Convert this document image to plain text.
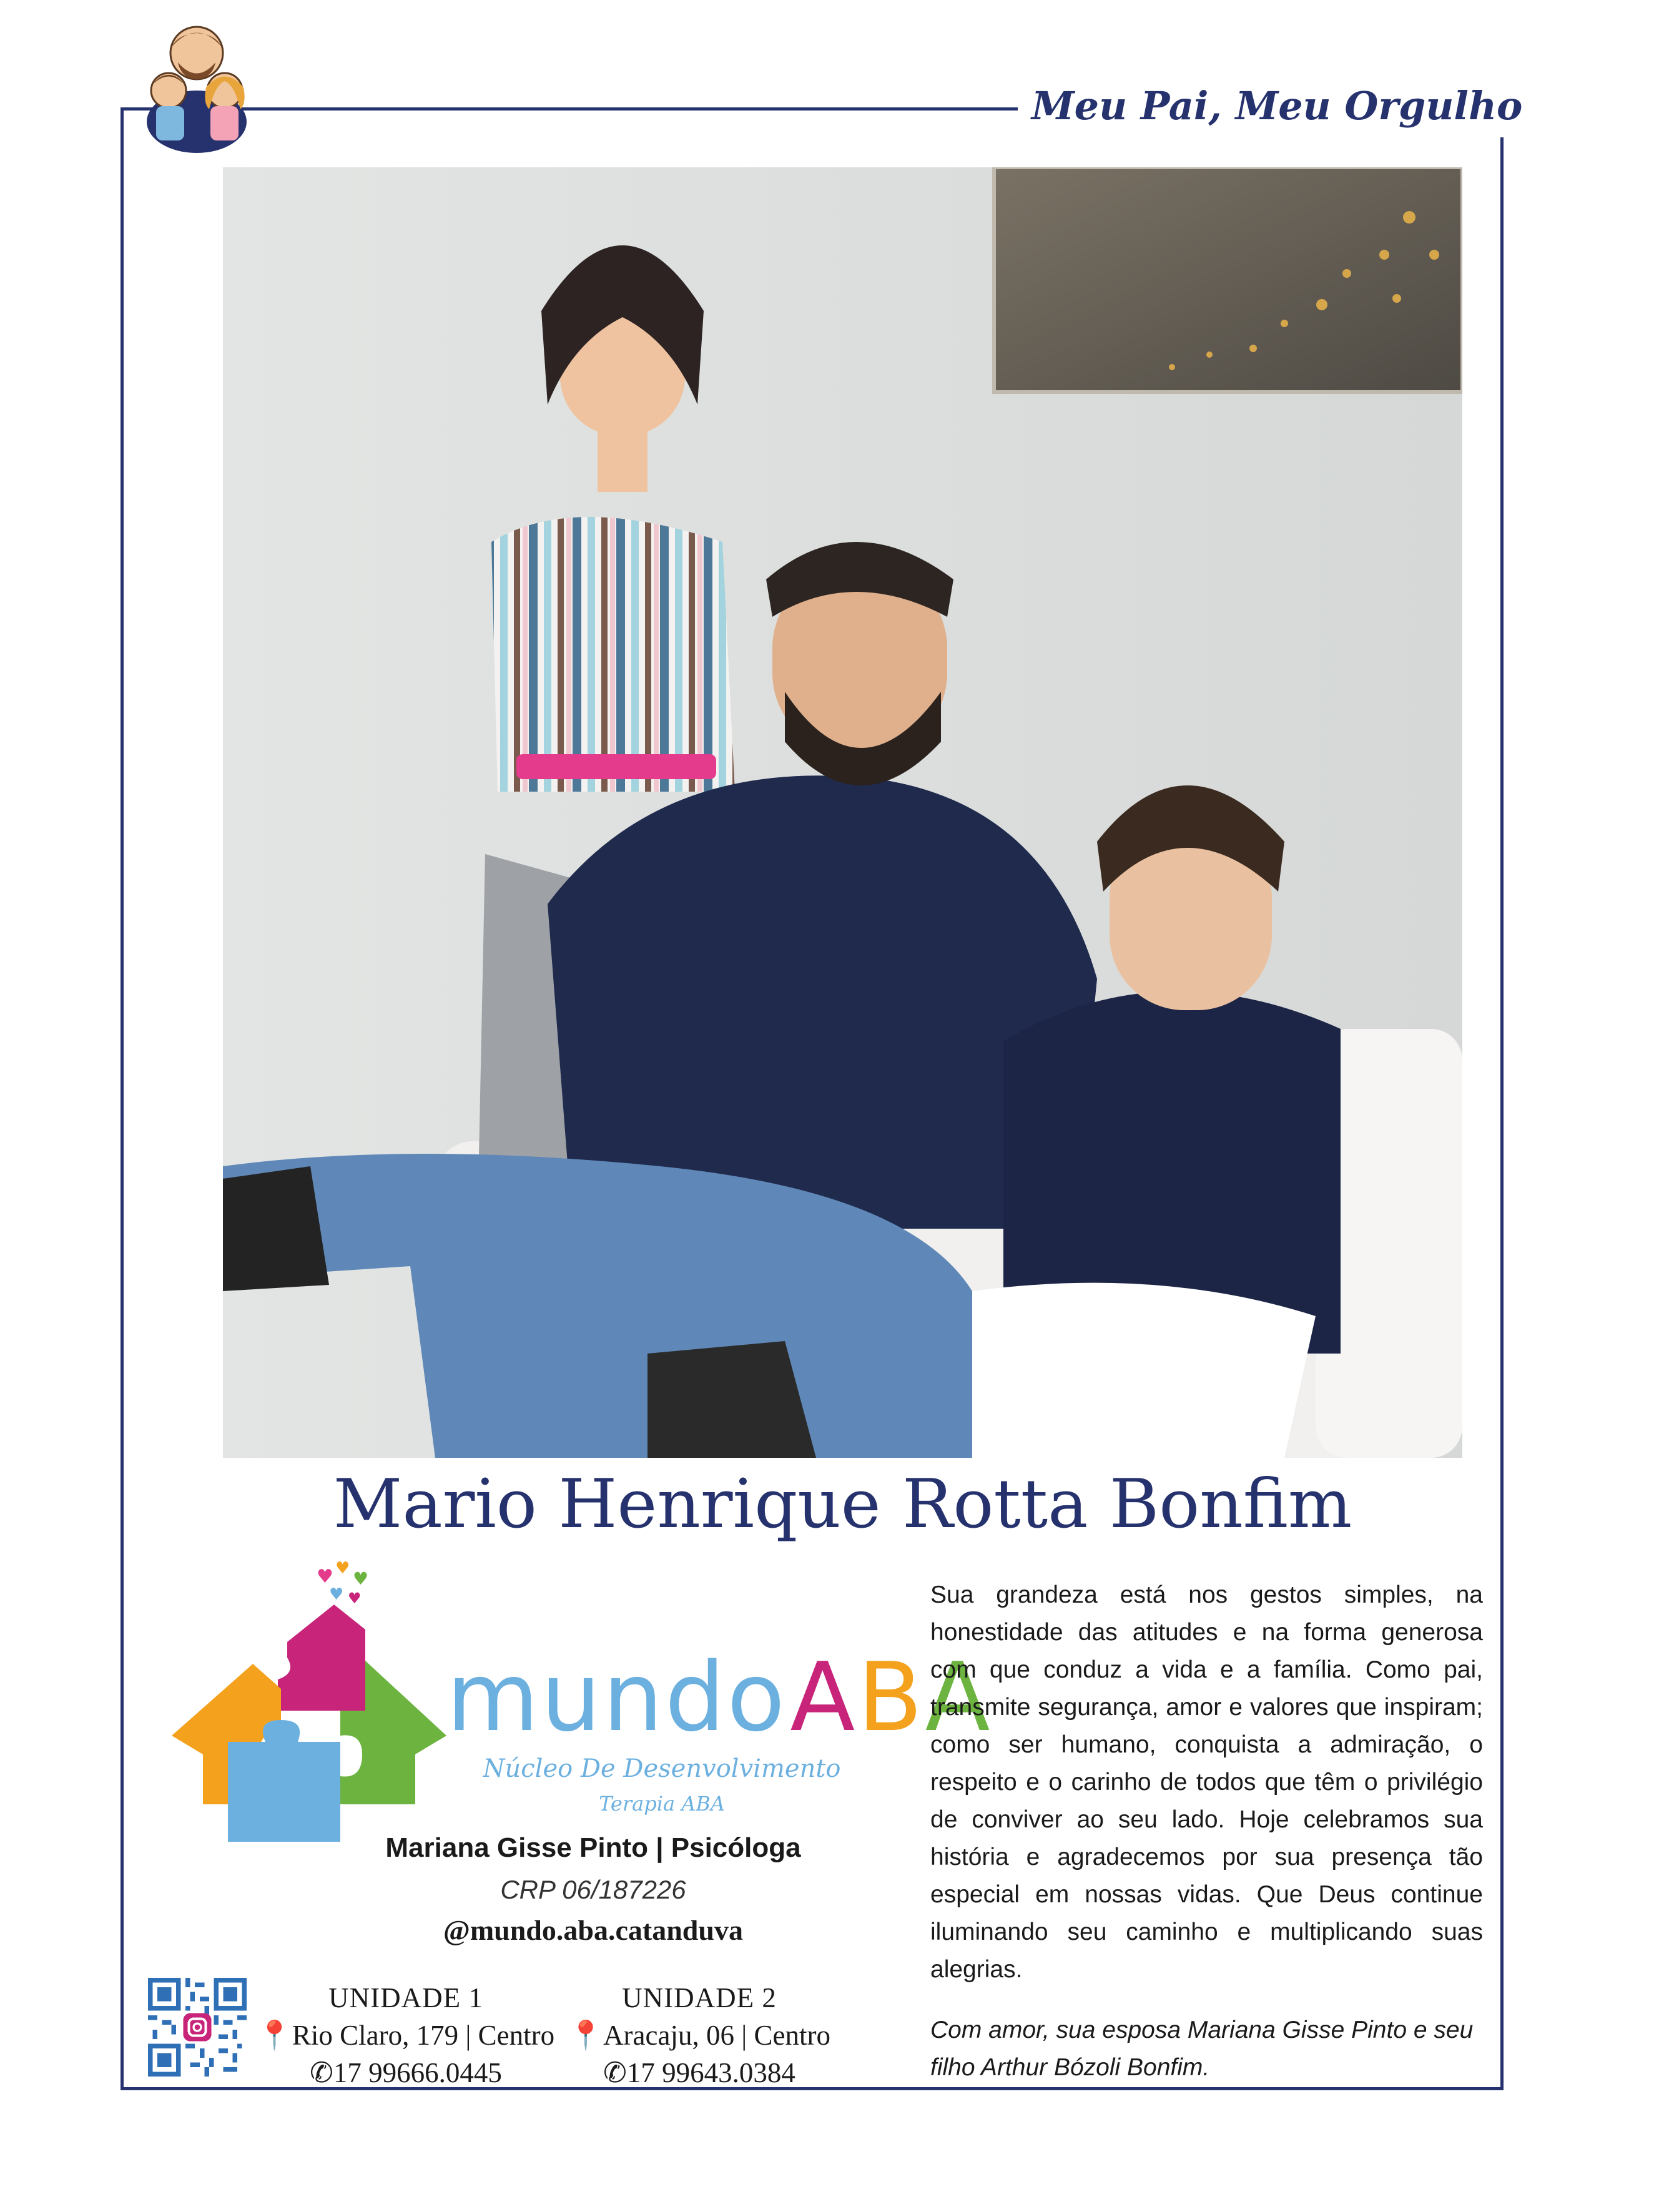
Meu Pai, Meu Orgulho
Mario Henrique Rotta Bonfim
♥ ♥ ♥
♥ ♥
mundo ABA
Núcleo De Desenvolvimento
Terapia ABA
Mariana Gisse Pinto | Psicóloga
CRP 06/187226
@mundo.aba.catanduva
UNIDADE 1
📍Rio Claro, 179 | Centro
✆17 99666.0445
UNIDADE 2
📍Aracaju, 06 | Centro
✆17 99643.0384
Sua grandeza está nos gestos simples, na honestidade das atitudes e na forma generosa com que conduz a vida e a família. Como pai, transmite segurança, amor e valores que inspiram; como ser humano, conquista a admiração, o respeito e o carinho de todos que têm o privilégio de conviver ao seu lado. Hoje celebramos sua história e agradecemos por sua presença tão especial em nossas vidas. Que Deus continue iluminando seu caminho e multiplicando suas alegrias.
Com amor, sua esposa Mariana Gisse Pinto e seu filho Arthur Bózoli Bonfim.
